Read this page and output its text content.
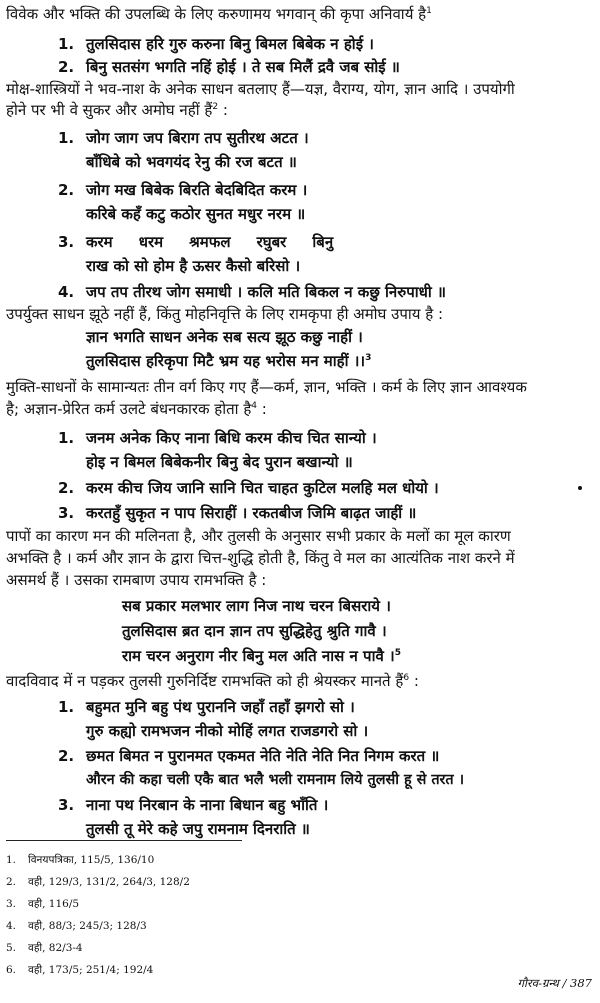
विवेक और भक्ति की उपलब्धि के लिए करुणामय भगवान् की कृपा अनिवार्य है$^1$
1. तुलसिदास हरि गुरु करुना बिनु बिमल बिबेक न होई ।
2. बिनु सतसंग भगति नहिं होई । ते सब मिलैं द्रवै जब सोई ॥
मोक्ष-शास्त्रियों ने भव-नाश के अनेक साधन बतलाए हैं—यज्ञ, वैराग्य, योग, ज्ञान आदि । उपयोगी
होने पर भी वे सुकर और अमोघ नहीं हैं$^2$ :
1. जोग जाग जप बिराग तप सुतीरथ अटत ।
बाँधिबे को भवगयंद रेनु की रज बटत ॥
2. जोग मख बिबेक बिरति बेदबिदित करम ।
करिबे कहँ कटु कठोर सुनत मधुर नरम ॥
3. करम     धरम     श्रमफल     रघुबर     बिनु
राख को सो होम है ऊसर कैसो बरिसो ।
4. जप तप तीरथ जोग समाधी । कलि मति बिकल न कछु निरुपाधी ॥
उपर्युक्त साधन झूठे नहीं हैं, किंतु मोहनिवृत्ति के लिए रामकृपा ही अमोघ उपाय है :
ज्ञान भगति साधन अनेक सब सत्य झूठ कछु नाहीं ।
तुलसिदास हरिकृपा मिटै भ्रम यह भरोस मन माहीं ।।$^3$
मुक्ति-साधनों के सामान्यतः तीन वर्ग किए गए हैं—कर्म, ज्ञान, भक्ति । कर्म के लिए ज्ञान आवश्यक
है; अज्ञान-प्रेरित कर्म उलटे बंधनकारक होता है$^4$ :
1. जनम अनेक किए नाना बिधि करम कीच चित सान्यो ।
होइ न बिमल बिबेकनीर बिनु बेद पुरान बखान्यो ॥
2. करम कीच जिय जानि सानि चित चाहत कुटिल मलहि मल धोयो ।
3. करतहुँ सुकृत न पाप सिराहीं । रकतबीज जिमि बाढ़त जाहीं ॥
पापों का कारण मन की मलिनता है, और तुलसी के अनुसार सभी प्रकार के मलों का मूल कारण
अभक्ति है । कर्म और ज्ञान के द्वारा चित्त-शुद्धि होती है, किंतु वे मल का आत्यंतिक नाश करने में
असमर्थ हैं । उसका रामबाण उपाय रामभक्ति है :
सब प्रकार मलभार लाग निज नाथ चरन बिसराये ।
तुलसिदास ब्रत दान ज्ञान तप सुद्धिहेतु श्रुति गावै ।
राम चरन अनुराग नीर बिनु मल अति नास न पावै ।$^5$
वादविवाद में न पड़कर तुलसी गुरुनिर्दिष्ट रामभक्ति को ही श्रेयस्कर मानते हैं$^6$ :
1. बहुमत मुनि बहु पंथ पुराननि जहाँ तहाँ झगरो सो ।
गुरु कह्यो रामभजन नीको मोहिं लगत राजडगरो सो ।
2. छमत बिमत न पुरानमत एकमत नेति नेति नेति नित निगम करत ॥
औरन की कहा चली एकै बात भलै भली रामनाम लिये तुलसी हू से तरत ।
3. नाना पथ निरबान के नाना बिधान बहु भाँति ।
तुलसी तू मेरे कहे जपु रामनाम दिनराति ॥
1. विनयपत्रिका, 115/5, 136/10
2. वही, 129/3, 131/2, 264/3, 128/2
3. वही, 116/5
4. वही, 88/3; 245/3; 128/3
5. वही, 82/3-4
6. वही, 173/5; 251/4; 192/4
गौरव-ग्रन्थ / 387
